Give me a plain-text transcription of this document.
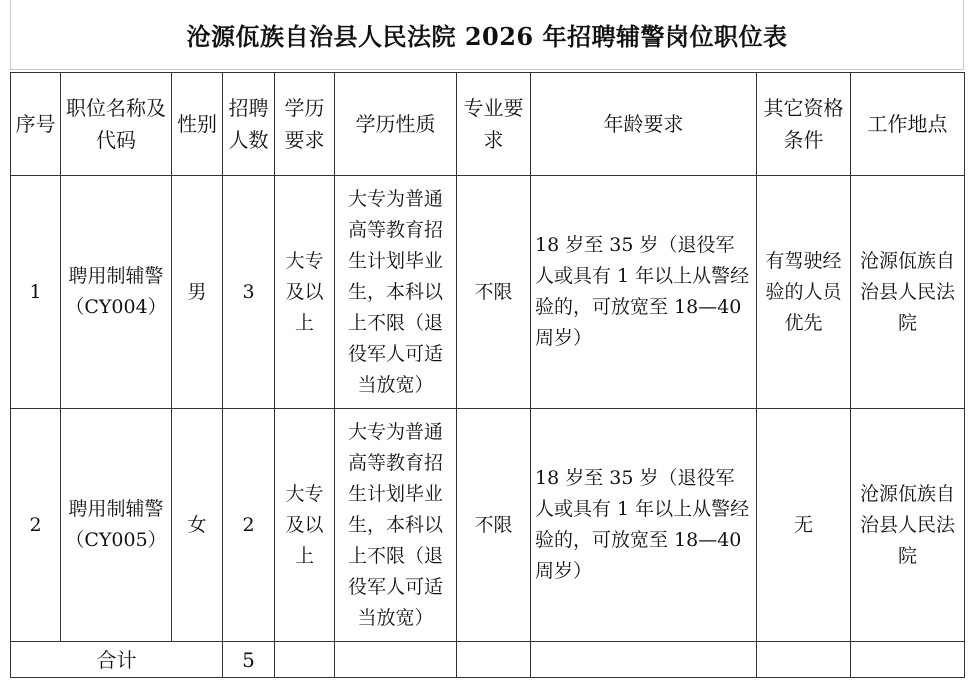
沧源佤族自治县人民法院 2026 年招聘辅警岗位职位表
序号	职位名称及代码	性别	招聘人数	学历要求	学历性质	专业要求	年龄要求	其它资格条件	工作地点
1	聘用制辅警（CY004）	男	3	大专及以上	大专为普通高等教育招生计划毕业生，本科以上不限（退役军人可适当放宽）	不限	18 岁至 35 岁（退役军人或具有 1 年以上从警经验的，可放宽至 18—40 周岁）	有驾驶经验的人员优先	沧源佤族自治县人民法院
2	聘用制辅警（CY005）	女	2	大专及以上	大专为普通高等教育招生计划毕业生，本科以上不限（退役军人可适当放宽）	不限	18 岁至 35 岁（退役军人或具有 1 年以上从警经验的，可放宽至 18—40 周岁）	无	沧源佤族自治县人民法院
合计			5						
